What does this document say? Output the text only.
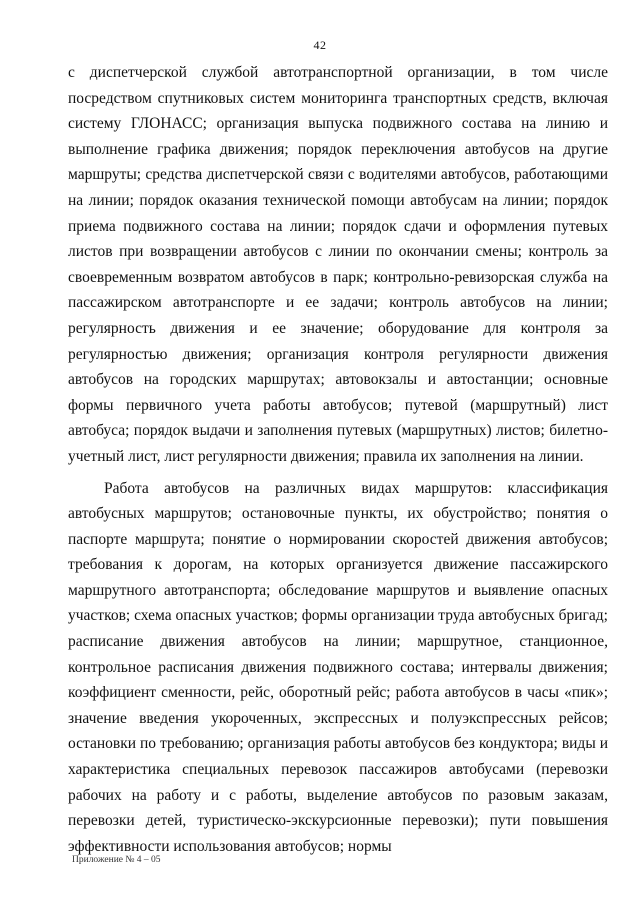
42

с диспетчерской службой автотранспортной организации, в том числе посредством спутниковых систем мониторинга транспортных средств, включая систему ГЛОНАСС; организация выпуска подвижного состава на линию и выполнение графика движения; порядок переключения автобусов на другие маршруты; средства диспетчерской связи с водителями автобусов, работающими на линии; порядок оказания технической помощи автобусам на линии; порядок приема подвижного состава на линии; порядок сдачи и оформления путевых листов при возвращении автобусов с линии по окончании смены; контроль за своевременным возвратом автобусов в парк; контрольно-ревизорская служба на пассажирском автотранспорте и ее задачи; контроль автобусов на линии; регулярность движения и ее значение; оборудование для контроля за регулярностью движения; организация контроля регулярности движения автобусов на городских маршрутах; автовокзалы и автостанции; основные формы первичного учета работы автобусов; путевой (маршрутный) лист автобуса; порядок выдачи и заполнения путевых (маршрутных) листов; билетно-учетный лист, лист регулярности движения; правила их заполнения на линии.

Работа автобусов на различных видах маршрутов: классификация автобусных маршрутов; остановочные пункты, их обустройство; понятия о паспорте маршрута; понятие о нормировании скоростей движения автобусов; требования к дорогам, на которых организуется движение пассажирского маршрутного автотранспорта; обследование маршрутов и выявление опасных участков; схема опасных участков; формы организации труда автобусных бригад; расписание движения автобусов на линии; маршрутное, станционное, контрольное расписания движения подвижного состава; интервалы движения; коэффициент сменности, рейс, оборотный рейс; работа автобусов в часы «пик»; значение введения укороченных, экспрессных и полуэкспрессных рейсов; остановки по требованию; организация работы автобусов без кондуктора; виды и характеристика специальных перевозок пассажиров автобусами (перевозки рабочих на работу и с работы, выделение автобусов по разовым заказам, перевозки детей, туристическо-экскурсионные перевозки); пути повышения эффективности использования автобусов; нормы

Приложение № 4 – 05
